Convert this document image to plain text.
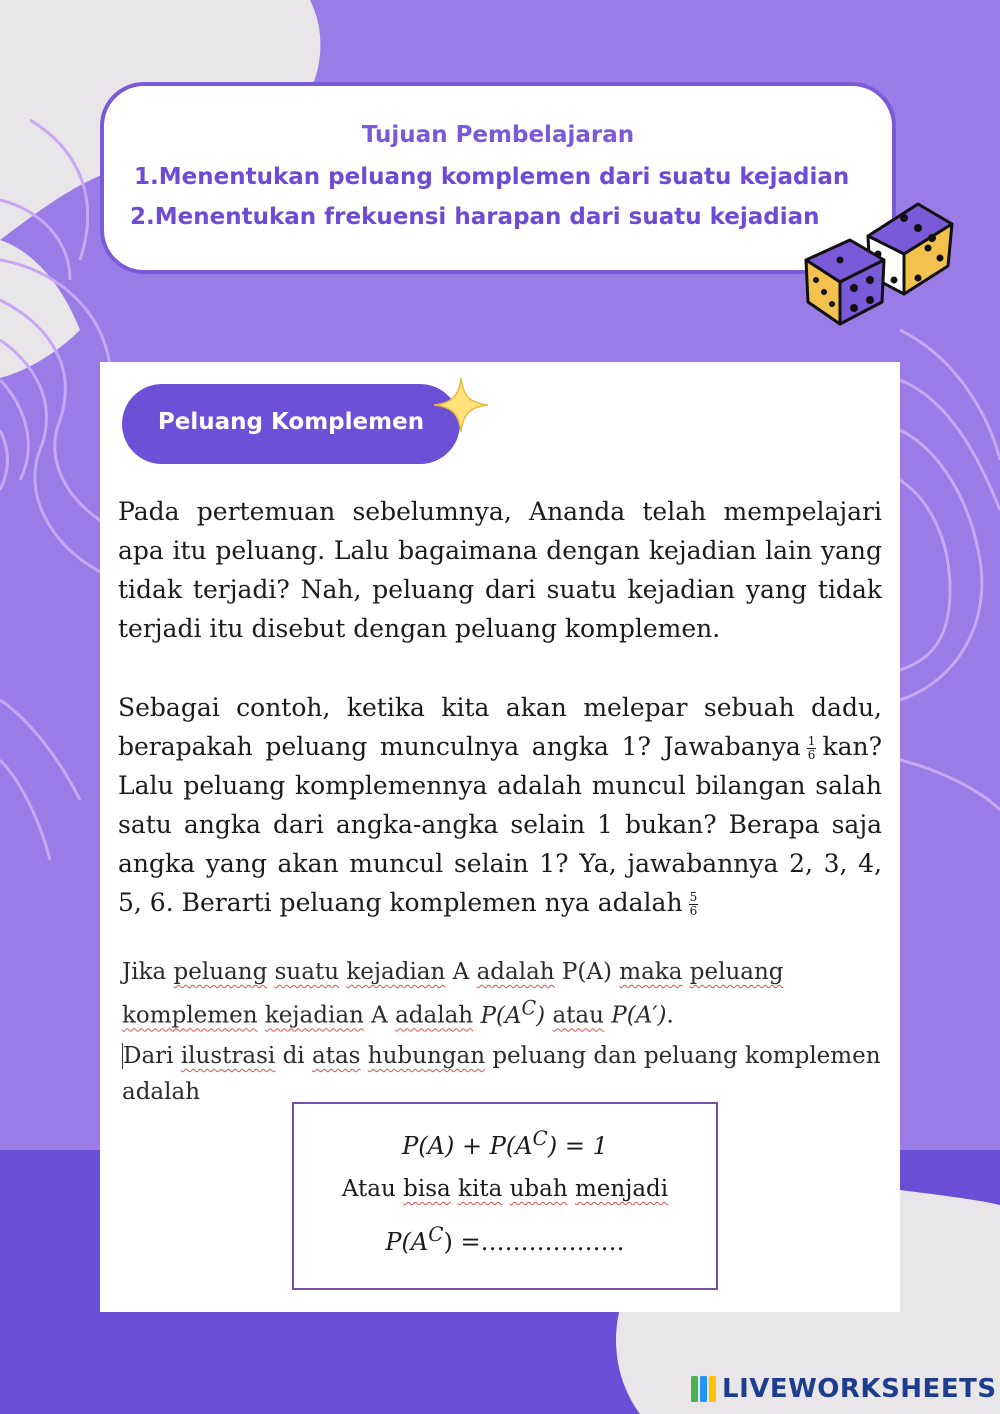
Tujuan Pembelajaran
1.Menentukan peluang komplemen dari suatu kejadian
2.Menentukan frekuensi harapan dari suatu kejadian
Peluang Komplemen
Pada pertemuan sebelumnya, Ananda telah mempelajari apa itu peluang. Lalu bagaimana dengan kejadian lain yang tidak terjadi? Nah, peluang dari suatu kejadian yang tidak terjadi itu disebut dengan peluang komplemen.
Sebagai contoh, ketika kita akan melepar sebuah dadu, berapakah peluang munculnya angka 1? Jawabanya $\frac{1}{6}$ kan? Lalu peluang komplemennya adalah muncul bilangan salah satu angka dari angka-angka selain 1 bukan? Berapa saja angka yang akan muncul selain 1? Ya, jawabannya 2, 3, 4, 5, 6. Berarti peluang komplemen nya adalah $\frac{5}{6}$
Jika peluang suatu kejadian A adalah P(A) maka peluang komplemen kejadian A adalah $P(A^C)$ atau P(A′).
Dari ilustrasi di atas hubungan peluang dan peluang komplemen adalah
$P(A) + P(A^C) = 1$
Atau bisa kita ubah menjadi
$P(A^C)$ =………………
LIVEWORKSHEETS
